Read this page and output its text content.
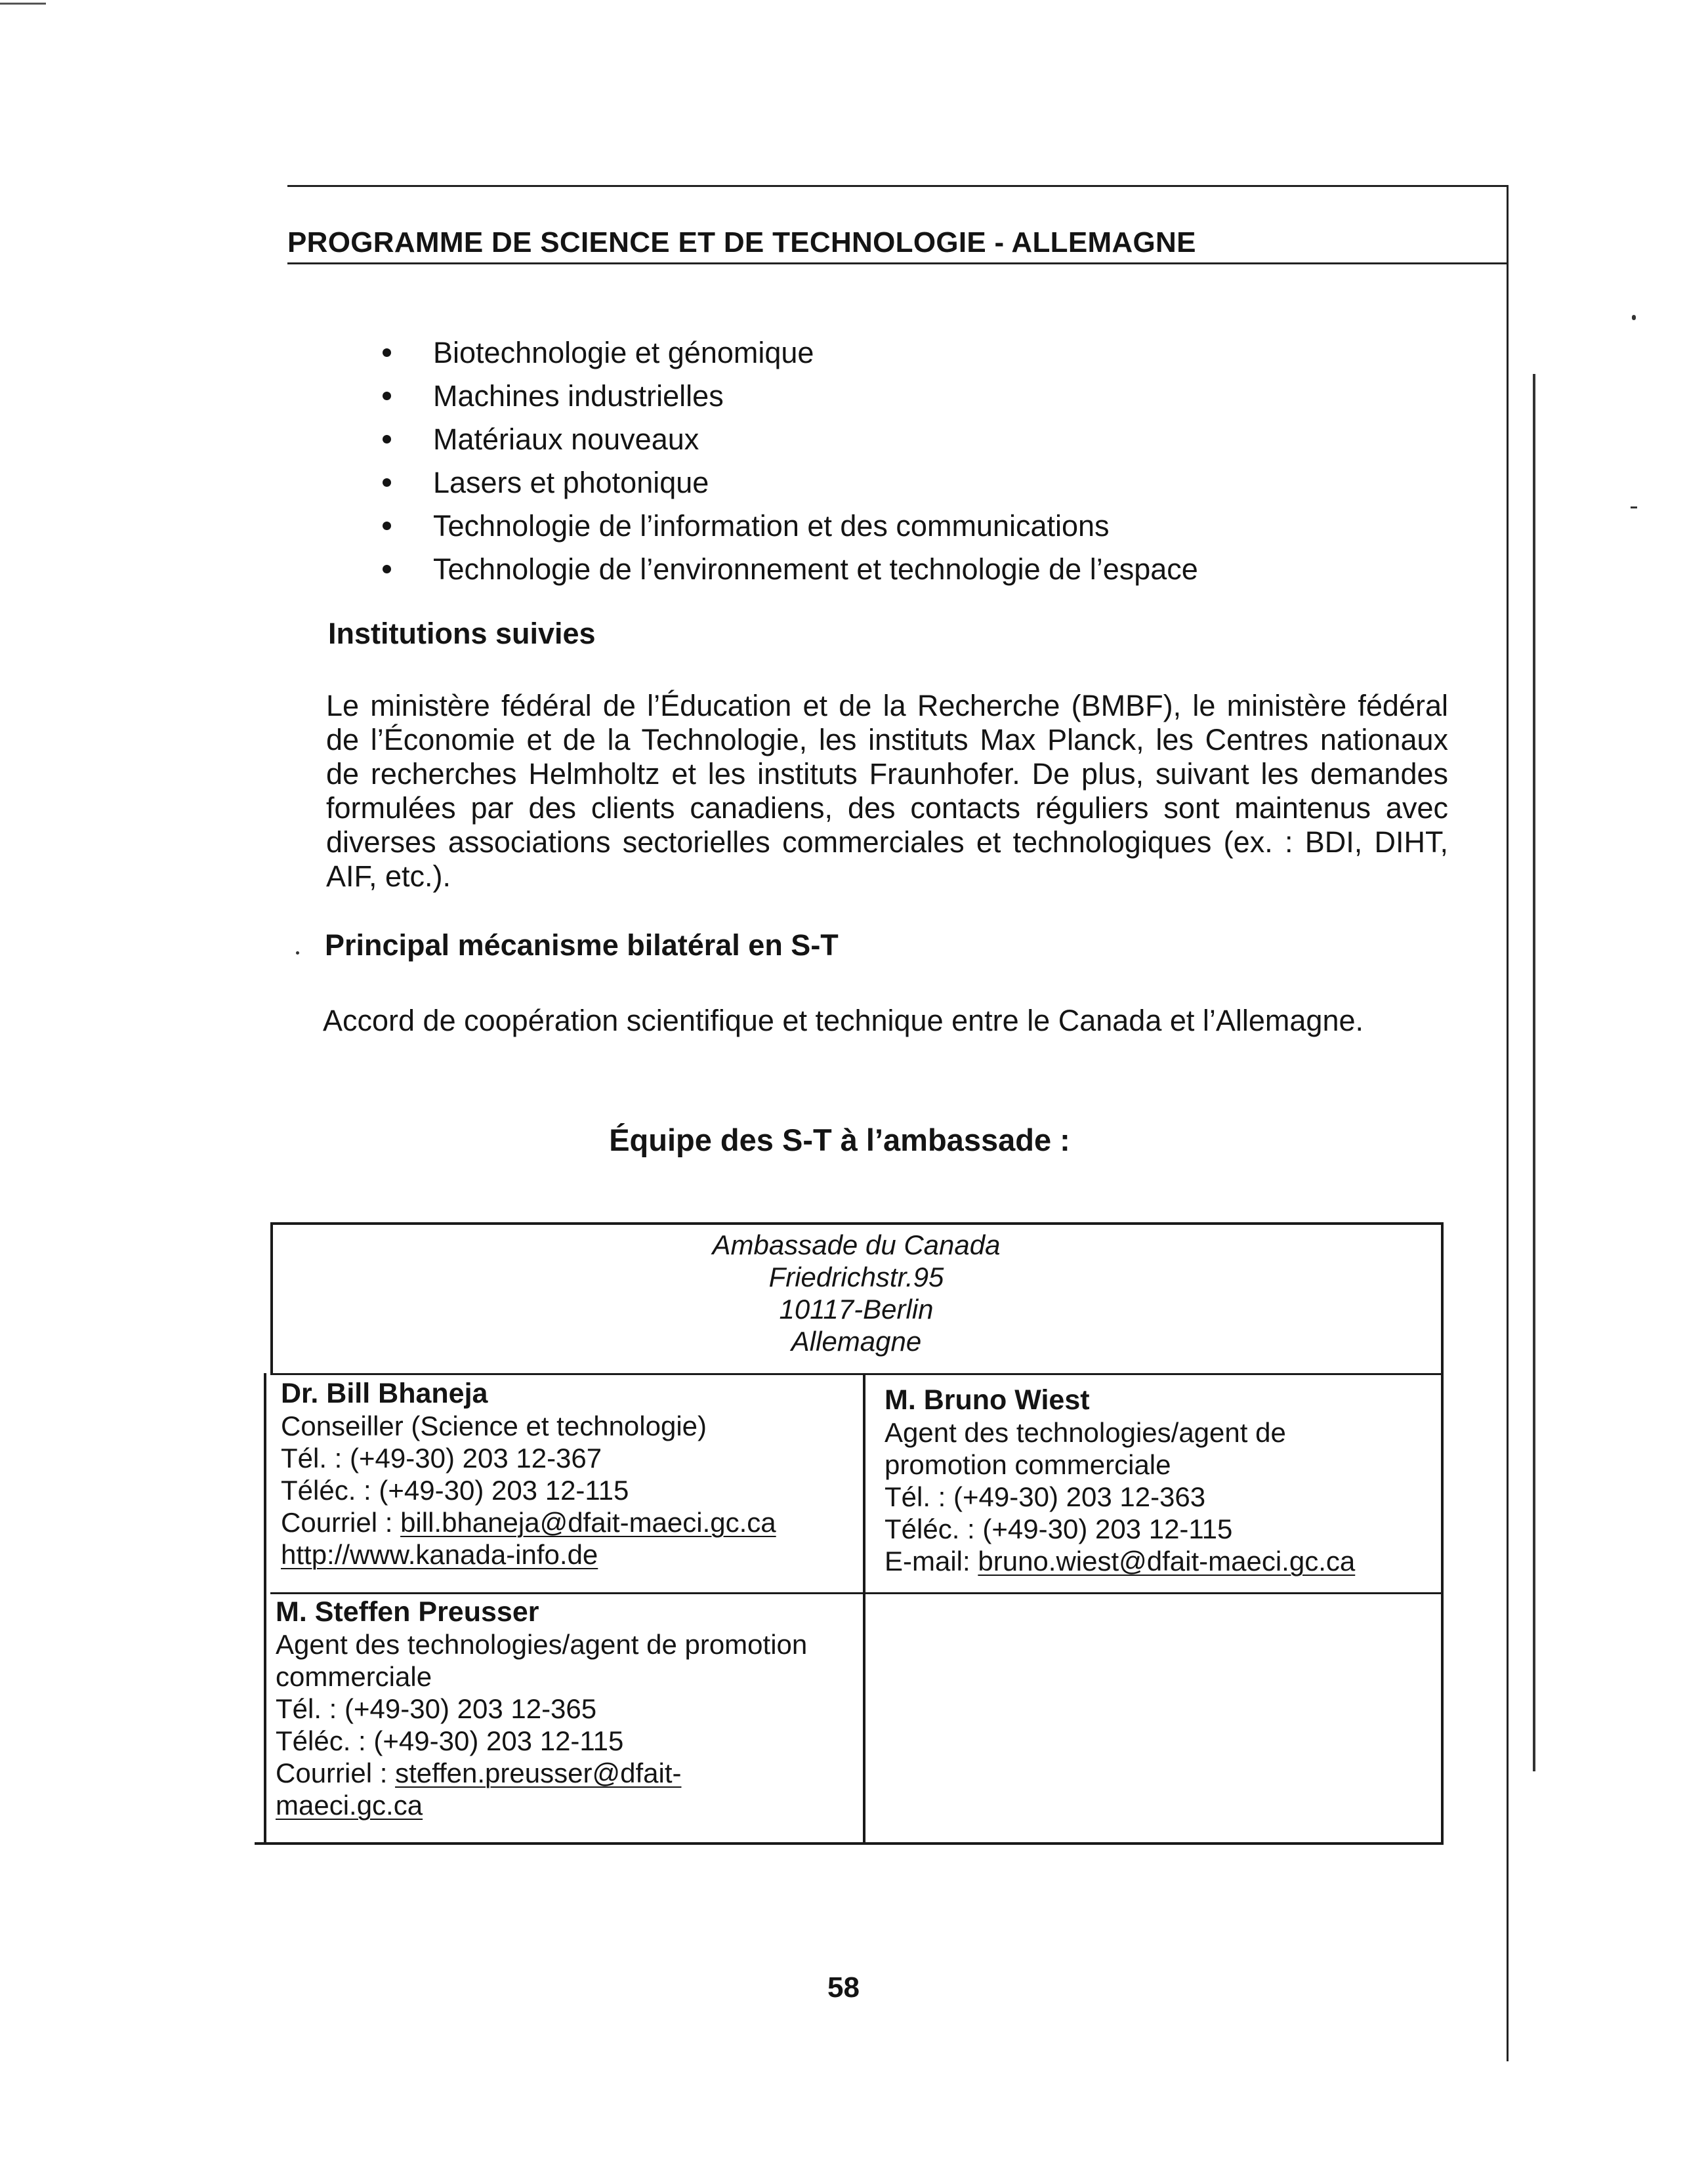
PROGRAMME DE SCIENCE ET DE TECHNOLOGIE - ALLEMAGNE
Biotechnologie et génomique
Machines industrielles
Matériaux nouveaux
Lasers et photonique
Technologie de l’information et des communications
Technologie de l’environnement et technologie de l’espace
Institutions suivies

Le ministère fédéral de l’Éducation et de la Recherche (BMBF), le ministère fédéral de l’Économie et de la Technologie, les instituts Max Planck, les Centres nationaux de recherches Helmholtz et les instituts Fraunhofer. De plus, suivant les demandes formulées par des clients canadiens, des contacts réguliers sont maintenus avec diverses associations sectorielles commerciales et technologiques (ex. : BDI, DIHT, AIF, etc.).

Principal mécanisme bilatéral en S-T
Accord de coopération scientifique et technique entre le Canada et l’Allemagne.
Équipe des S-T à l’ambassade :
Ambassade du Canada
Friedrichstr.95
10117-Berlin
Allemagne
Dr. Bill Bhaneja
Conseiller (Science et technologie)
Tél. : (+49-30) 203 12-367
Téléc. : (+49-30) 203 12-115
Courriel : bill.bhaneja@dfait-maeci.gc.ca
http://www.kanada-info.de
M. Bruno Wiest
Agent des technologies/agent de
promotion commerciale
Tél. : (+49-30) 203 12-363
Téléc. : (+49-30) 203 12-115
E-mail: bruno.wiest@dfait-maeci.gc.ca
M. Steffen Preusser
Agent des technologies/agent de promotion
commerciale
Tél. : (+49-30) 203 12-365
Téléc. : (+49-30) 203 12-115
Courriel : steffen.preusser@dfait-
maeci.gc.ca
58
